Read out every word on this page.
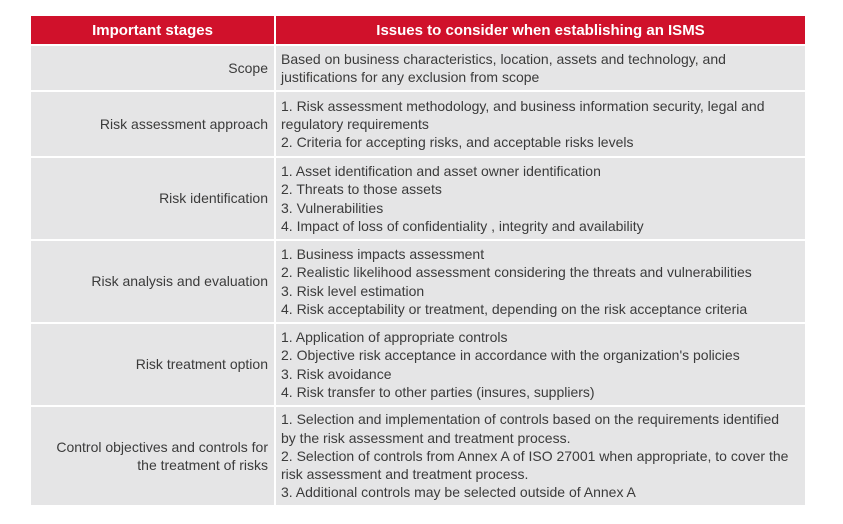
Important stages	Issues to consider when establishing an ISMS

Scope	Based on business characteristics, location, assets and technology, and justifications for any exclusion from scope

Risk assessment approach	1. Risk assessment methodology, and business information security, legal and regulatory requirements
2. Criteria for accepting risks, and acceptable risks levels

Risk identification	1. Asset identification and asset owner identification
2. Threats to those assets
3. Vulnerabilities
4. Impact of loss of confidentiality , integrity and availability

Risk analysis and evaluation	1. Business impacts assessment
2. Realistic likelihood assessment considering the threats and vulnerabilities
3. Risk level estimation
4. Risk acceptability or treatment, depending on the risk acceptance criteria

Risk treatment option	1. Application of appropriate controls
2. Objective risk acceptance in accordance with the organization's policies
3. Risk avoidance
4. Risk transfer to other parties (insures, suppliers)

Control objectives and controls for the treatment of risks	1. Selection and implementation of controls based on the requirements identified by the risk assessment and treatment process.
2. Selection of controls from Annex A of ISO 27001 when appropriate, to cover the risk assessment and treatment process.
3. Additional controls may be selected outside of Annex A
